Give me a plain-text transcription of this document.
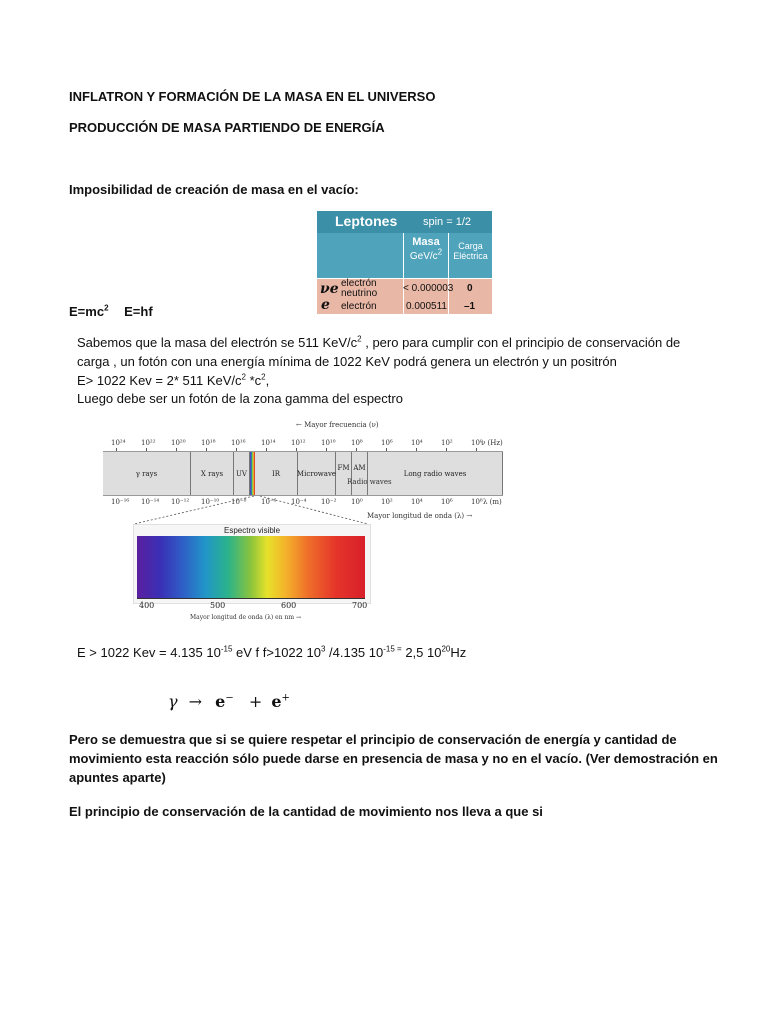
INFLATRON Y FORMACIÓN DE LA MASA EN EL UNIVERSO
PRODUCCIÓN DE MASA PARTIENDO DE ENERGÍA
Imposibilidad de creación de masa en el vacío:
Leptones spin = 1/2
Masa
GeV/$c^2$
Carga
Eléctrica
νe electrón
neutrino	< 0.000003 0
e electrón	0.000511 –1
$E=mc^2$ E=hf
Sabemos que la masa del electrón se 511 KeV/$c^2$ , pero para cumplir con el principio de conservación de
carga , un fotón con una energía mínima de 1022 KeV podrá genera un electrón y un positrón
E> 1022 Kev = 2* 511 KeV/$c^2$ $*c^2$,
Luego debe ser un fotón de la zona gamma del espectro
← Mayor frecuencia (ν)
10²⁴ 10²² 10²⁰ 10¹⁸ 10¹⁶ 10¹⁴ 10¹² 10¹⁰ 10⁸	10⁶	10⁴	10²	10⁰
ν (Hz)
γ rays	X rays	UV	IR	Microwave
FM AM
Long radio waves
Radio waves
10⁻¹⁶ 10⁻¹⁴ 10⁻¹² 10⁻¹⁰ 10⁻⁸ 10⁻⁶ 10⁻⁴ 10⁻² 10⁰	10²	10⁴	10⁶	10⁸ λ (m)
Mayor longitud de onda (λ) →
Espectro visible
400	500	600	700
Mayor longitud de onda (λ) en nm →
E > 1022 Kev = 4.135 $10^{-15}$ eV f f>1022 $10^3$ /4.135 $10^{-15 =}$ 2,5 $10^{20}Hz$
γ → e− + e+
Pero se demuestra que si se quiere respetar el principio de conservación de energía y cantidad de
movimiento esta reacción sólo puede darse en presencia de masa y no en el vacío. (Ver demostración en
apuntes aparte)
El principio de conservación de la cantidad de movimiento nos lleva a que si
